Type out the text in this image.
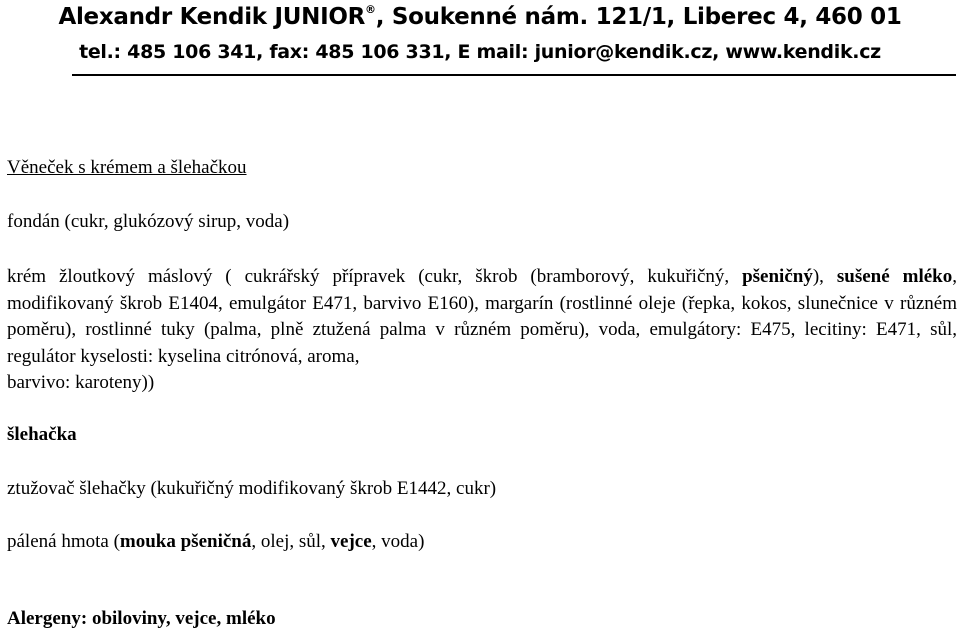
Alexandr Kendik JUNIOR®, Soukenné nám. 121/1, Liberec 4, 460 01
tel.: 485 106 341, fax: 485 106 331, E mail: junior@kendik.cz, www.kendik.cz
Věneček s krémem a šlehačkou
fondán (cukr, glukózový sirup, voda)
krém žloutkový máslový ( cukrářský přípravek (cukr, škrob (bramborový, kukuřičný, pšeničný), sušené mléko, modifikovaný škrob E1404, emulgátor E471, barvivo E160), margarín (rostlinné oleje (řepka, kokos, slunečnice v různém poměru), rostlinné tuky (palma, plně ztužená palma v různém poměru), voda, emulgátory: E475, lecitiny: E471, sůl, regulátor kyselosti: kyselina citrónová, aroma,
barvivo: karoteny))
šlehačka
ztužovač šlehačky (kukuřičný modifikovaný škrob E1442, cukr)
pálená hmota (mouka pšeničná, olej, sůl, vejce, voda)
Alergeny: obiloviny, vejce, mléko
